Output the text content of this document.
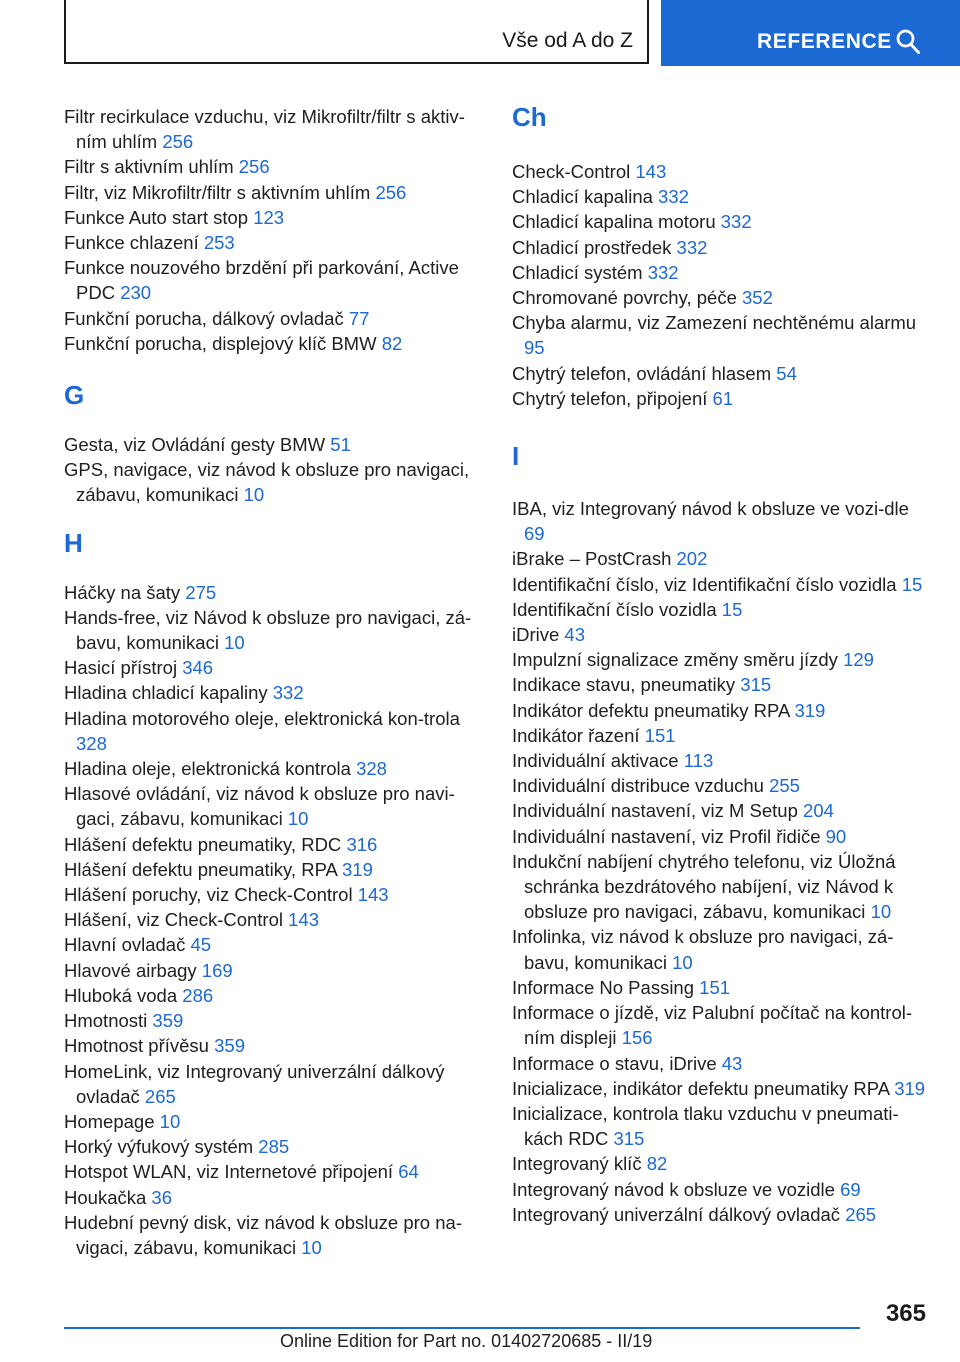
Vše od A do Z	REFERENCE
Filtr recirkulace vzduchu, viz Mikrofiltr/filtr s aktiv-ním uhlím 256
Filtr s aktivním uhlím 256
Filtr, viz Mikrofiltr/filtr s aktivním uhlím 256
Funkce Auto start stop 123
Funkce chlazení 253
Funkce nouzového brzdění při parkování, Active PDC 230
Funkční porucha, dálkový ovladač 77
Funkční porucha, displejový klíč BMW 82
G
Gesta, viz Ovládání gesty BMW 51
GPS, navigace, viz návod k obsluze pro navigaci, zábavu, komunikaci 10
H
Háčky na šaty 275
Hands-free, viz Návod k obsluze pro navigaci, zá-bavu, komunikaci 10
Hasicí přístroj 346
Hladina chladicí kapaliny 332
Hladina motorového oleje, elektronická kon-trola 328
Hladina oleje, elektronická kontrola 328
Hlasové ovládání, viz návod k obsluze pro navi-gaci, zábavu, komunikaci 10
Hlášení defektu pneumatiky, RDC 316
Hlášení defektu pneumatiky, RPA 319
Hlášení poruchy, viz Check-Control 143
Hlášení, viz Check-Control 143
Hlavní ovladač 45
Hlavové airbagy 169
Hluboká voda 286
Hmotnosti 359
Hmotnost přívěsu 359
HomeLink, viz Integrovaný univerzální dálkový ovladač 265
Homepage 10
Horký výfukový systém 285
Hotspot WLAN, viz Internetové připojení 64
Houkačka 36
Hudební pevný disk, viz návod k obsluze pro na-vigaci, zábavu, komunikaci 10
Ch
Check-Control 143
Chladicí kapalina 332
Chladicí kapalina motoru 332
Chladicí prostředek 332
Chladicí systém 332
Chromované povrchy, péče 352
Chyba alarmu, viz Zamezení nechtěnému alarmu 95
Chytrý telefon, ovládání hlasem 54
Chytrý telefon, připojení 61
I
IBA, viz Integrovaný návod k obsluze ve vozi-dle 69
iBrake – PostCrash 202
Identifikační číslo, viz Identifikační číslo vozidla 15
Identifikační číslo vozidla 15
iDrive 43
Impulzní signalizace změny směru jízdy 129
Indikace stavu, pneumatiky 315
Indikátor defektu pneumatiky RPA 319
Indikátor řazení 151
Individuální aktivace 113
Individuální distribuce vzduchu 255
Individuální nastavení, viz M Setup 204
Individuální nastavení, viz Profil řidiče 90
Indukční nabíjení chytrého telefonu, viz Úložná schránka bezdrátového nabíjení, viz Návod k obsluze pro navigaci, zábavu, komunikaci 10
Infolinka, viz návod k obsluze pro navigaci, zá-bavu, komunikaci 10
Informace No Passing 151
Informace o jízdě, viz Palubní počítač na kontrol-ním displeji 156
Informace o stavu, iDrive 43
Inicializace, indikátor defektu pneumatiky RPA 319
Inicializace, kontrola tlaku vzduchu v pneumati-kách RDC 315
Integrovaný klíč 82
Integrovaný návod k obsluze ve vozidle 69
Integrovaný univerzální dálkový ovladač 265
365
Online Edition for Part no. 01402720685 - II/19
